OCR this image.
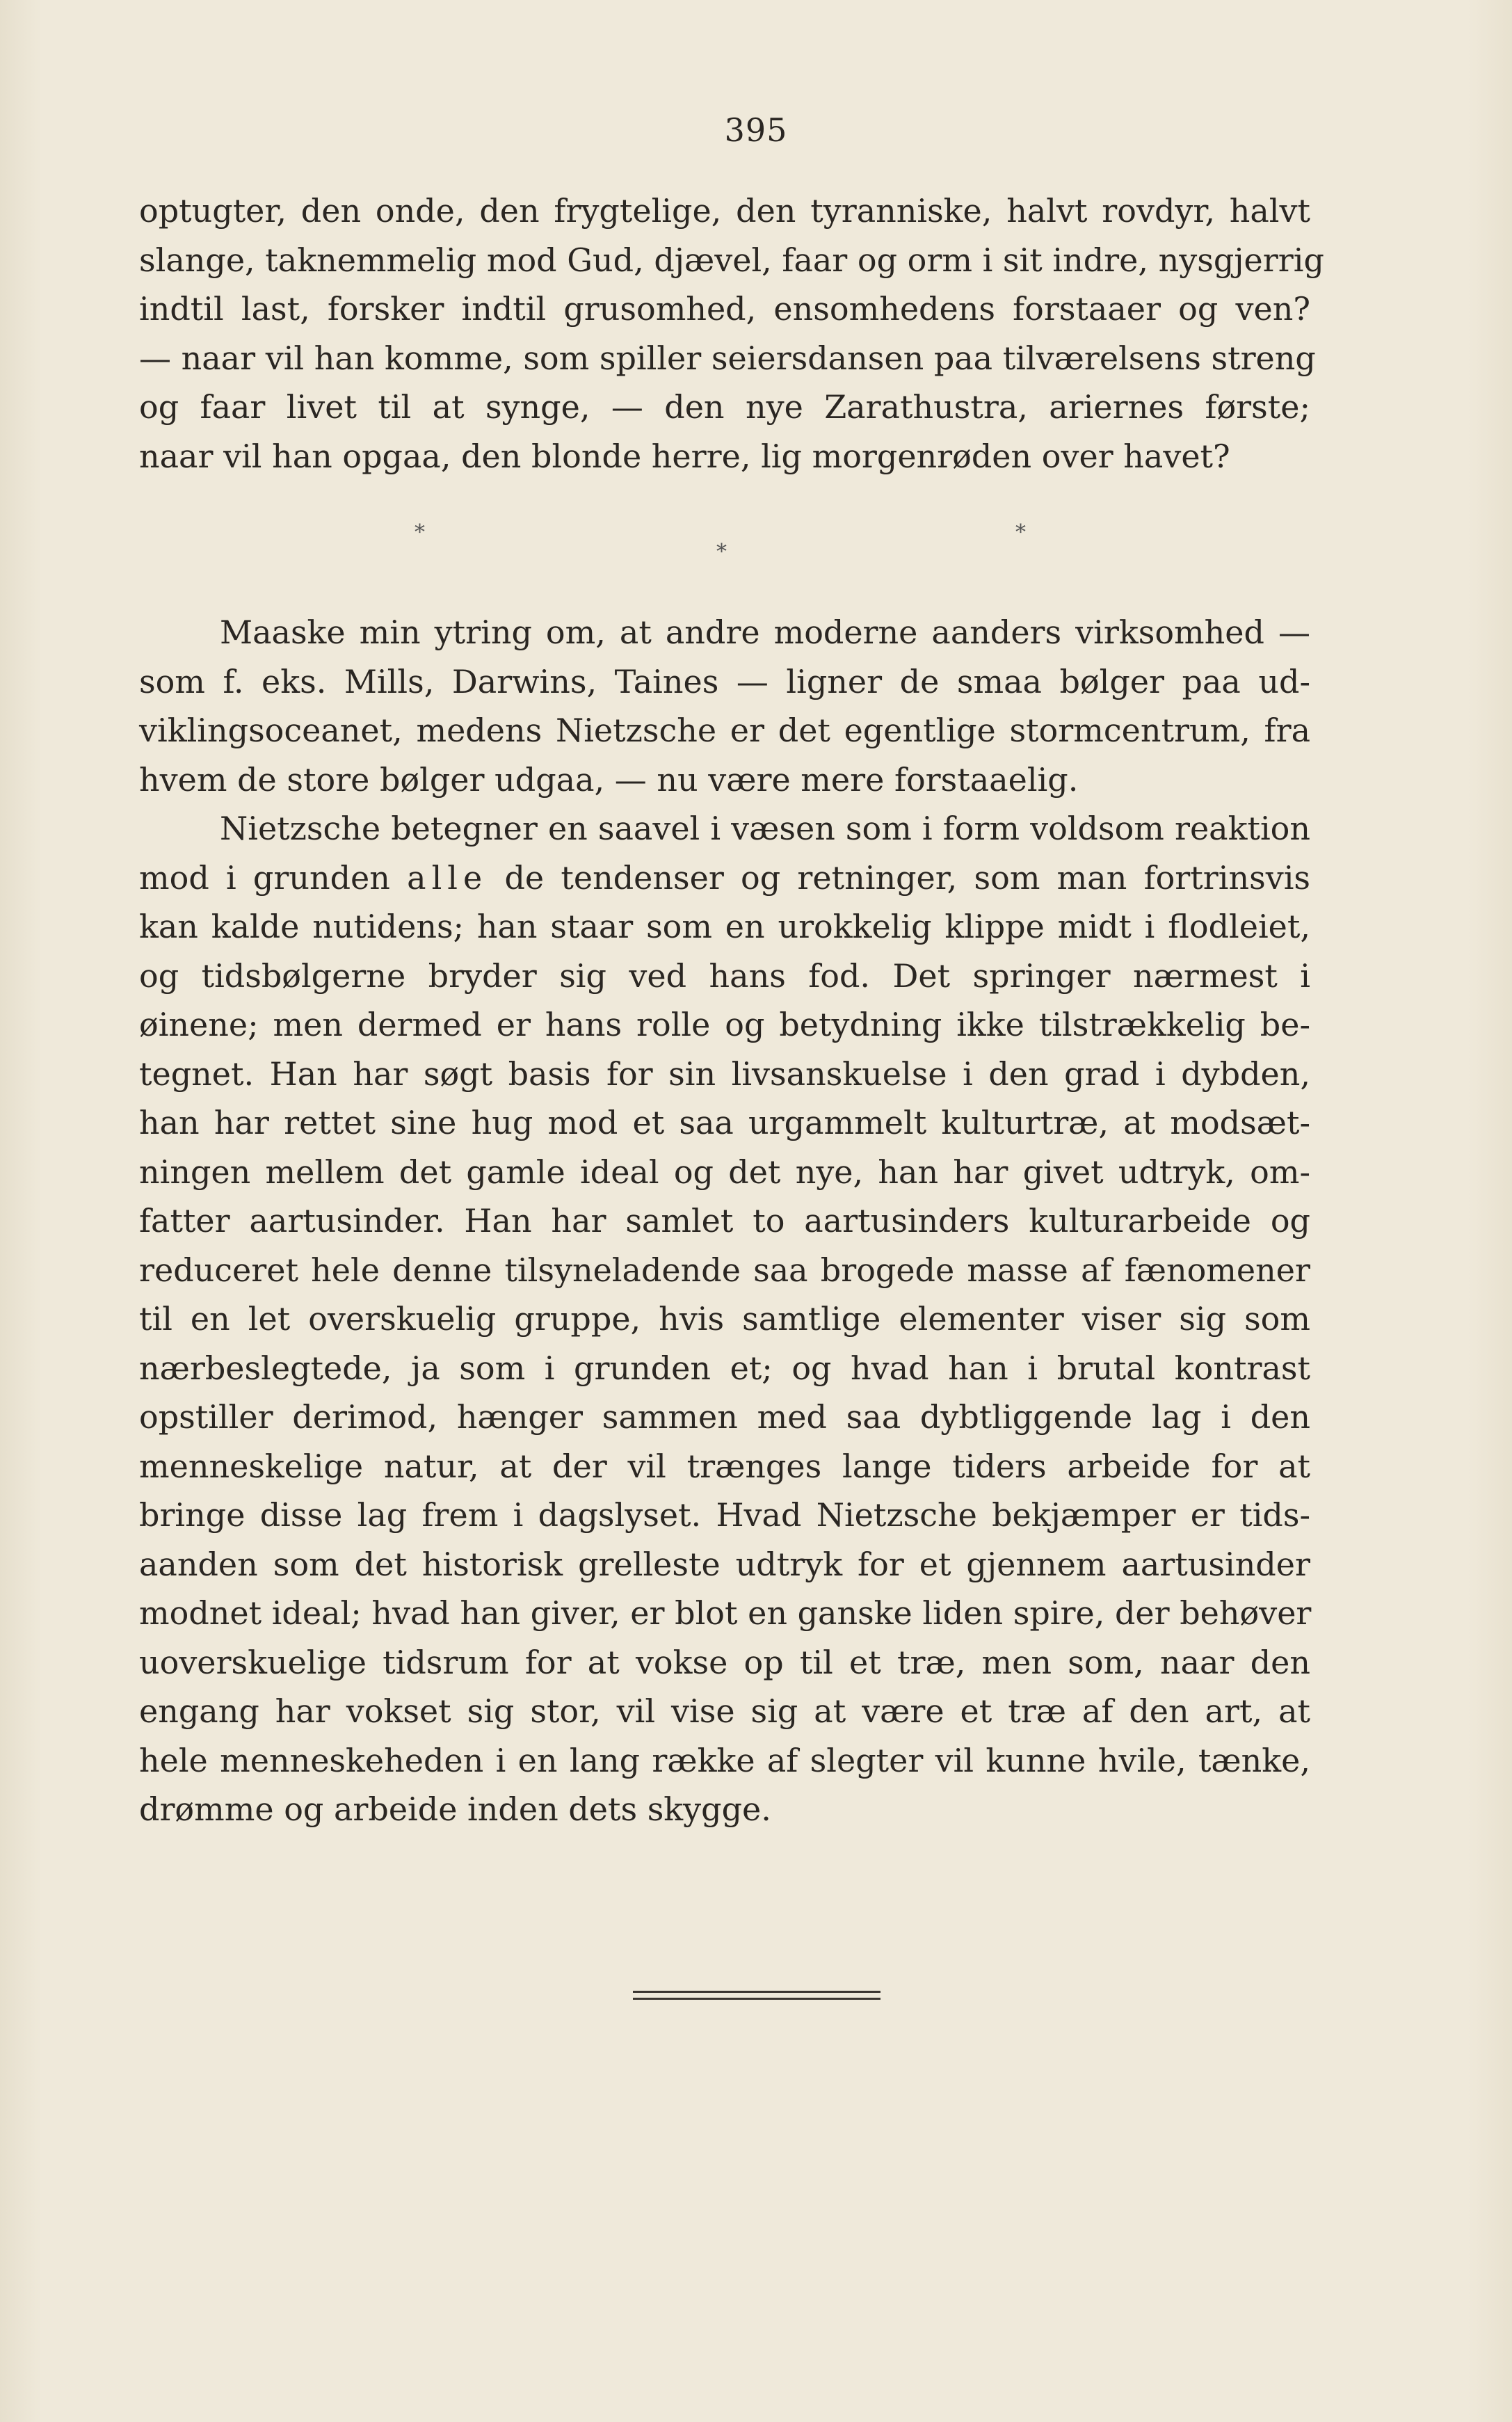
395
optugter, den onde, den frygtelige, den tyranniske, halvt rovdyr, halvt
slange, taknemmelig mod Gud, djævel, faar og orm i sit indre, nysgjerrig
indtil last, forsker indtil grusomhed, ensomhedens forstaaer og ven?
— naar vil han komme, som spiller seiersdansen paa tilværelsens streng
og faar livet til at synge, — den nye Zarathustra, ariernes første;
naar vil han opgaa, den blonde herre, lig morgenrøden over havet?
*
*
*
Maaske min ytring om, at andre moderne aanders virksomhed —
som f. eks. Mills, Darwins, Taines — ligner de smaa bølger paa ud-
viklingsoceanet, medens Nietzsche er det egentlige stormcentrum, fra
hvem de store bølger udgaa, — nu være mere forstaaelig.
Nietzsche betegner en saavel i væsen som i form voldsom reaktion
mod i grunden alle de tendenser og retninger, som man fortrinsvis
kan kalde nutidens; han staar som en urokkelig klippe midt i flodleiet,
og tidsbølgerne bryder sig ved hans fod. Det springer nærmest i
øinene; men dermed er hans rolle og betydning ikke tilstrækkelig be-
tegnet. Han har søgt basis for sin livsanskuelse i den grad i dybden,
han har rettet sine hug mod et saa urgammelt kulturtræ, at modsæt-
ningen mellem det gamle ideal og det nye, han har givet udtryk, om-
fatter aartusinder. Han har samlet to aartusinders kulturarbeide og
reduceret hele denne tilsyneladende saa brogede masse af fænomener
til en let overskuelig gruppe, hvis samtlige elementer viser sig som
nærbeslegtede, ja som i grunden et; og hvad han i brutal kontrast
opstiller derimod, hænger sammen med saa dybtliggende lag i den
menneskelige natur, at der vil trænges lange tiders arbeide for at
bringe disse lag frem i dagslyset. Hvad Nietzsche bekjæmper er tids-
aanden som det historisk grelleste udtryk for et gjennem aartusinder
modnet ideal; hvad han giver, er blot en ganske liden spire, der behøver
uoverskuelige tidsrum for at vokse op til et træ, men som, naar den
engang har vokset sig stor, vil vise sig at være et træ af den art, at
hele menneskeheden i en lang række af slegter vil kunne hvile, tænke,
drømme og arbeide inden dets skygge.
